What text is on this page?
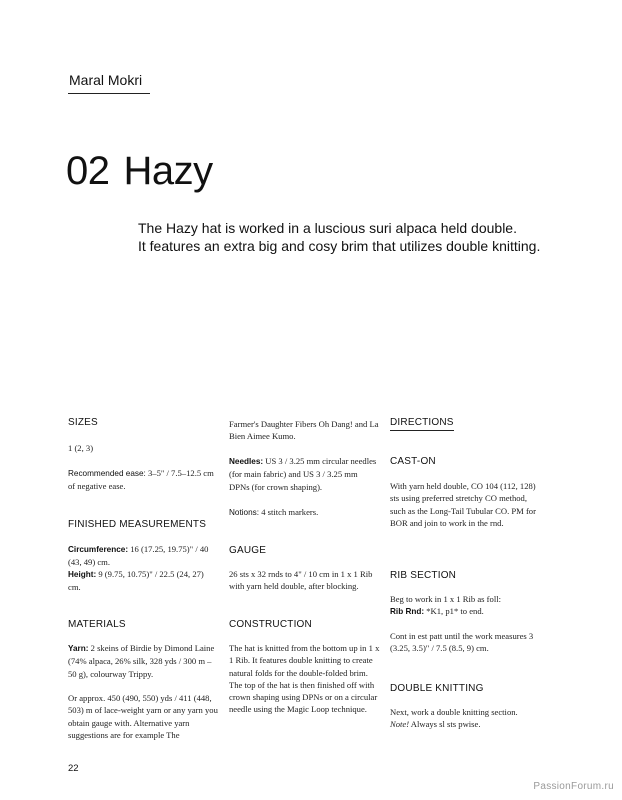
Maral Mokri
02 Hazy

The Hazy hat is worked in a luscious suri alpaca held double.

It features an extra big and cosy brim that utilizes double knitting.

SIZES
1 (2, 3)
Recommended ease: 3–5" / 7.5–12.5 cm of negative ease.
FINISHED MEASUREMENTS
Circumference: 16 (17.25, 19.75)" / 40 (43, 49) cm.
Height: 9 (9.75, 10.75)" / 22.5 (24, 27) cm.
MATERIALS
Yarn: 2 skeins of Birdie by Dimond Laine (74% alpaca, 26% silk, 328 yds / 300 m – 50 g), colourway Trippy.
Or approx. 450 (490, 550) yds / 411 (448, 503) m of lace-weight yarn or any yarn you obtain gauge with. Alternative yarn suggestions are for example The
Farmer's Daughter Fibers Oh Dang! and La Bien Aimee Kumo.
Needles: US 3 / 3.25 mm circular needles (for main fabric) and US 3 / 3.25 mm DPNs (for crown shaping).
Notions: 4 stitch markers.
GAUGE
26 sts x 32 rnds to 4" / 10 cm in 1 x 1 Rib with yarn held double, after blocking.
CONSTRUCTION
The hat is knitted from the bottom up in 1 x 1 Rib. It features double knitting to create natural folds for the double-folded brim. The top of the hat is then finished off with crown shaping using DPNs or on a circular needle using the Magic Loop technique.
DIRECTIONS
CAST-ON
With yarn held double, CO 104 (112, 128) sts using preferred stretchy CO method, such as the Long-Tail Tubular CO. PM for BOR and join to work in the rnd.
RIB SECTION
Beg to work in 1 x 1 Rib as foll:
Rib Rnd: *K1, p1* to end.
Cont in est patt until the work measures 3 (3.25, 3.5)" / 7.5 (8.5, 9) cm.
DOUBLE KNITTING

Next, work a double knitting section.

Note! Always sl sts pwise.

22
PassionForum.ru
